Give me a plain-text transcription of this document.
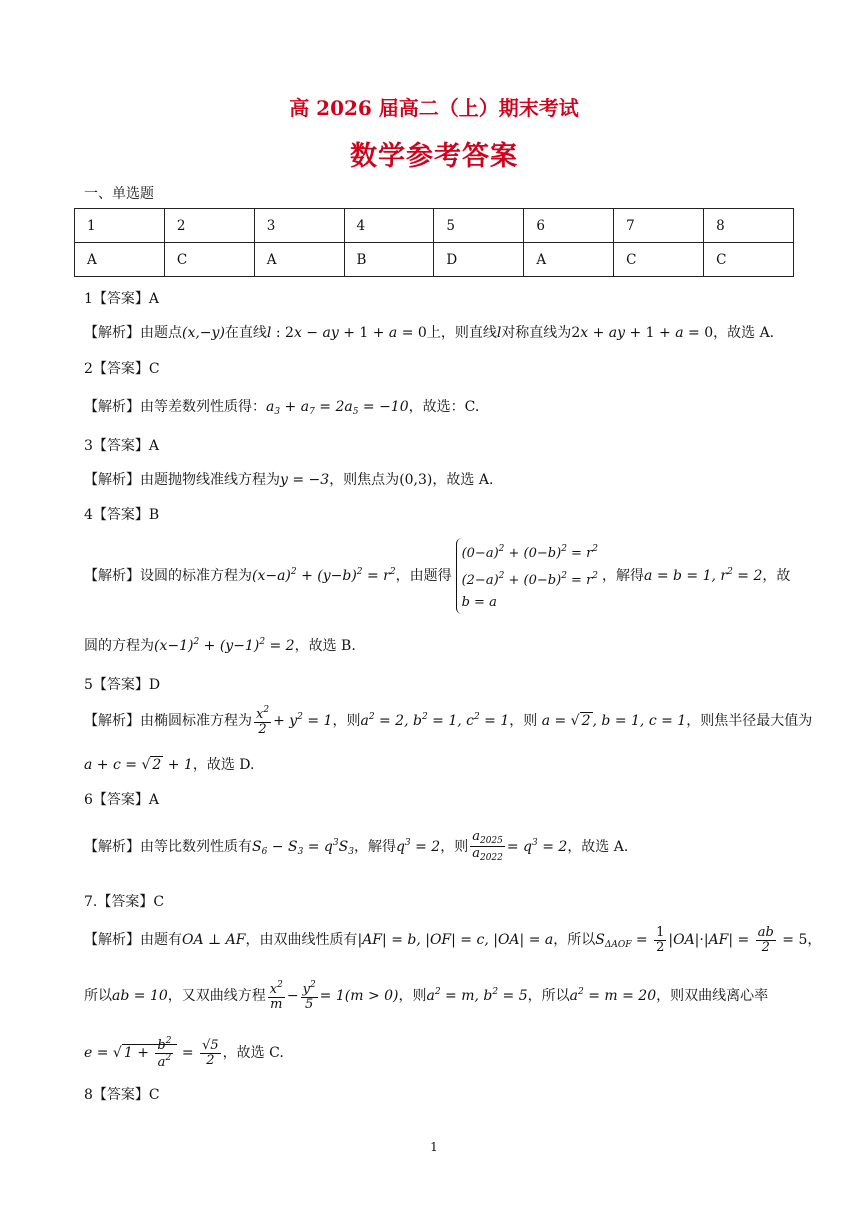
高 2026 届高二（上）期末考试
数学参考答案
一、单选题
1	2	3	4	5	6	7	8
A	C	A	B	D	A	C	C
1【答案】A
【解析】由题点(x,−y)在直线l : 2x − ay + 1 + a = 0上，则直线l对称直线为2x + ay + 1 + a = 0，故选 A.
2【答案】C
【解析】由等差数列性质得：$a_3 + a_7 = 2a_5 = -10$，故选：C.
3【答案】A
【解析】由题抛物线准线方程为y = −3，则焦点为(0,3)，故选 A.
4【答案】B
【解析】设圆的标准方程为$(x-a)^2 + (y-b)^2 = r^2$，由题得$(0-a)^2 + (0-b)^2 = r^2$
$(2-a)^2 + (0-b)^2 = r^2$
b = a，解得a = b = 1, $r^2 = 2$，故
圆的方程为$(x-1)^2 + (y-1)^2 = 2$，故选 B.
5【答案】D
【解析】由椭圆标准方程为 $\frac{x^2}{2} + y^2 = 1$，则$a^2 = 2$, $b^2 = 1$, $c^2 = 1$，则 a = √ 2 , b = 1, c = 1，则焦半径最大值为
a + c = √ 2 + 1，故选 D.
6【答案】A
【解析】由等比数列性质有$S_6 - S_3 = q^3S_3$，解得$q^3 = 2$，则 $\frac{a_{2025}}{a_{2022}} = q^3 = 2$，故选 A.
7.【答案】C
【解析】由题有OA ⊥ AF，由双曲线性质有|AF| = b, |OF| = c, |OA| = a，所以$S_{\Delta AOF} = \frac{1}{2} |OA|\cdot|AF| = \frac{ab}{2} = 5$，
所以ab = 10，又双曲线方程 $\frac{x^2}{m} - \frac{y^2}{5} = 1(m > 0)$，则$a^2 = m$, $b^2 = 5$，所以$a^2 = m = 20$，则双曲线离心率
e = √ $1 + \frac{b^2}{a^2} = \frac{√5}{2}$ ，故选 C.
8【答案】C
1
